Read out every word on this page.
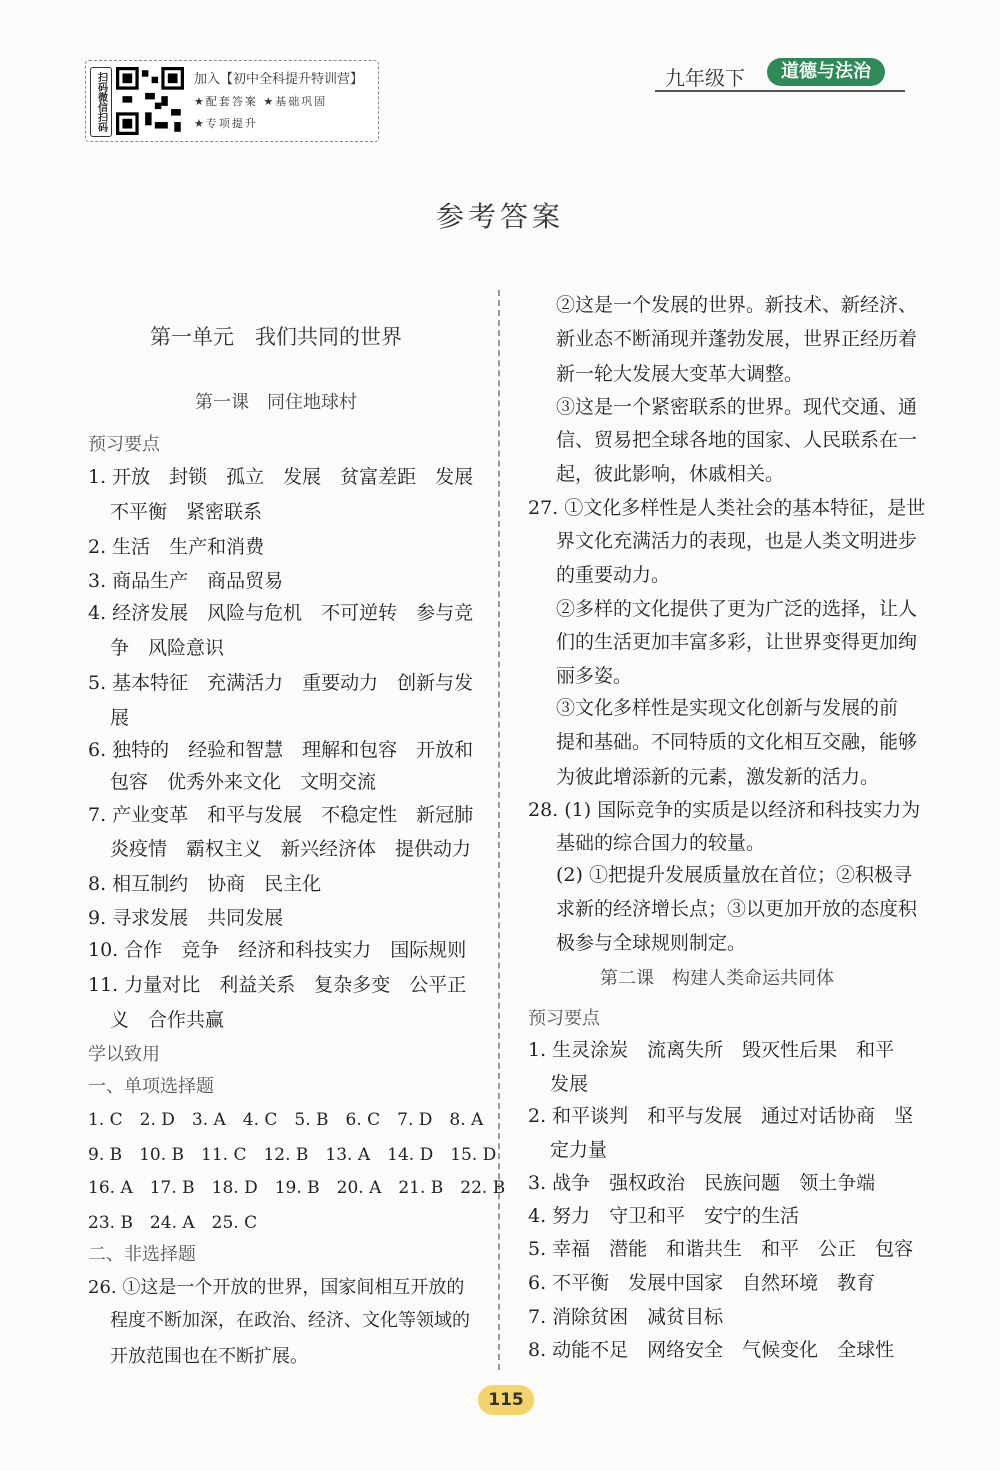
扫码微信扫码	加入【初中全科提升特训营】
★配套答案 ★基础巩固
★专项提升
九年级下	道德与法治
参考答案
第一单元　我们共同的世界
第一课　同住地球村
预习要点
1. 开放　封锁　孤立　发展　贫富差距　发展
不平衡　紧密联系
2. 生活　生产和消费
3. 商品生产　商品贸易
4. 经济发展　风险与危机　不可逆转　参与竞
争　风险意识
5. 基本特征　充满活力　重要动力　创新与发
展
6. 独特的　经验和智慧　理解和包容　开放和
包容　优秀外来文化　文明交流
7. 产业变革　和平与发展　不稳定性　新冠肺
炎疫情　霸权主义　新兴经济体　提供动力
8. 相互制约　协商　民主化
9. 寻求发展　共同发展
10. 合作　竞争　经济和科技实力　国际规则
11. 力量对比　利益关系　复杂多变　公平正
义　合作共赢
学以致用
一、单项选择题
1. C　2. D　3. A　4. C　5. B　6. C　7. D　8. A
9. B　10. B　11. C　12. B　13. A　14. D　15. D
16. A　17. B　18. D　19. B　20. A　21. B　22. B
23. B　24. A　25. C
二、非选择题
26. ①这是一个开放的世界，国家间相互开放的
程度不断加深，在政治、经济、文化等领域的
开放范围也在不断扩展。
②这是一个发展的世界。新技术、新经济、
新业态不断涌现并蓬勃发展，世界正经历着
新一轮大发展大变革大调整。
③这是一个紧密联系的世界。现代交通、通
信、贸易把全球各地的国家、人民联系在一
起，彼此影响，休戚相关。
27. ①文化多样性是人类社会的基本特征，是世
界文化充满活力的表现，也是人类文明进步
的重要动力。
②多样的文化提供了更为广泛的选择，让人
们的生活更加丰富多彩，让世界变得更加绚
丽多姿。
③文化多样性是实现文化创新与发展的前
提和基础。不同特质的文化相互交融，能够
为彼此增添新的元素，激发新的活力。
28. (1) 国际竞争的实质是以经济和科技实力为
基础的综合国力的较量。
(2) ①把提升发展质量放在首位；②积极寻
求新的经济增长点；③以更加开放的态度积
极参与全球规则制定。
第二课　构建人类命运共同体
预习要点
1. 生灵涂炭　流离失所　毁灭性后果　和平
发展
2. 和平谈判　和平与发展　通过对话协商　坚
定力量
3. 战争　强权政治　民族问题　领土争端
4. 努力　守卫和平　安宁的生活
5. 幸福　潜能　和谐共生　和平　公正　包容
6. 不平衡　发展中国家　自然环境　教育
7. 消除贫困　减贫目标
8. 动能不足　网络安全　气候变化　全球性
115
